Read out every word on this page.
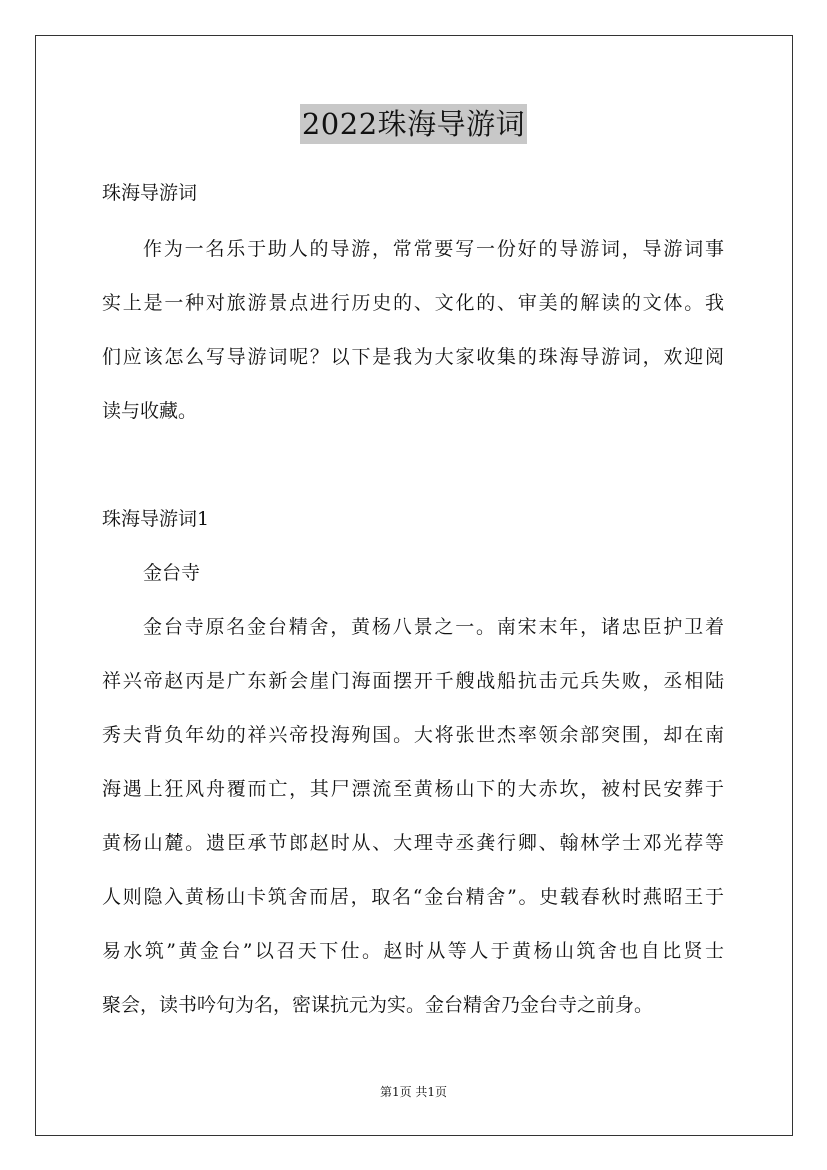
2022珠海导游词
珠海导游词
作为一名乐于助人的导游，常常要写一份好的导游词，导游词事
实上是一种对旅游景点进行历史的、文化的、审美的解读的文体。我
们应该怎么写导游词呢？以下是我为大家收集的珠海导游词，欢迎阅
读与收藏。
珠海导游词1
金台寺
金台寺原名金台精舍，黄杨八景之一。南宋末年，诸忠臣护卫着
祥兴帝赵丙是广东新会崖门海面摆开千艘战船抗击元兵失败，丞相陆
秀夫背负年幼的祥兴帝投海殉国。大将张世杰率领余部突围，却在南
海遇上狂风舟覆而亡，其尸漂流至黄杨山下的大赤坎，被村民安葬于
黄杨山麓。遗臣承节郎赵时从、大理寺丞龚行卿、翰林学士邓光荐等
人则隐入黄杨山卡筑舍而居，取名“金台精舍”。史载春秋时燕昭王于
易水筑”黄金台”以召天下仕。赵时从等人于黄杨山筑舍也自比贤士
聚会，读书吟句为名，密谋抗元为实。金台精舍乃金台寺之前身。
第1页 共1页
